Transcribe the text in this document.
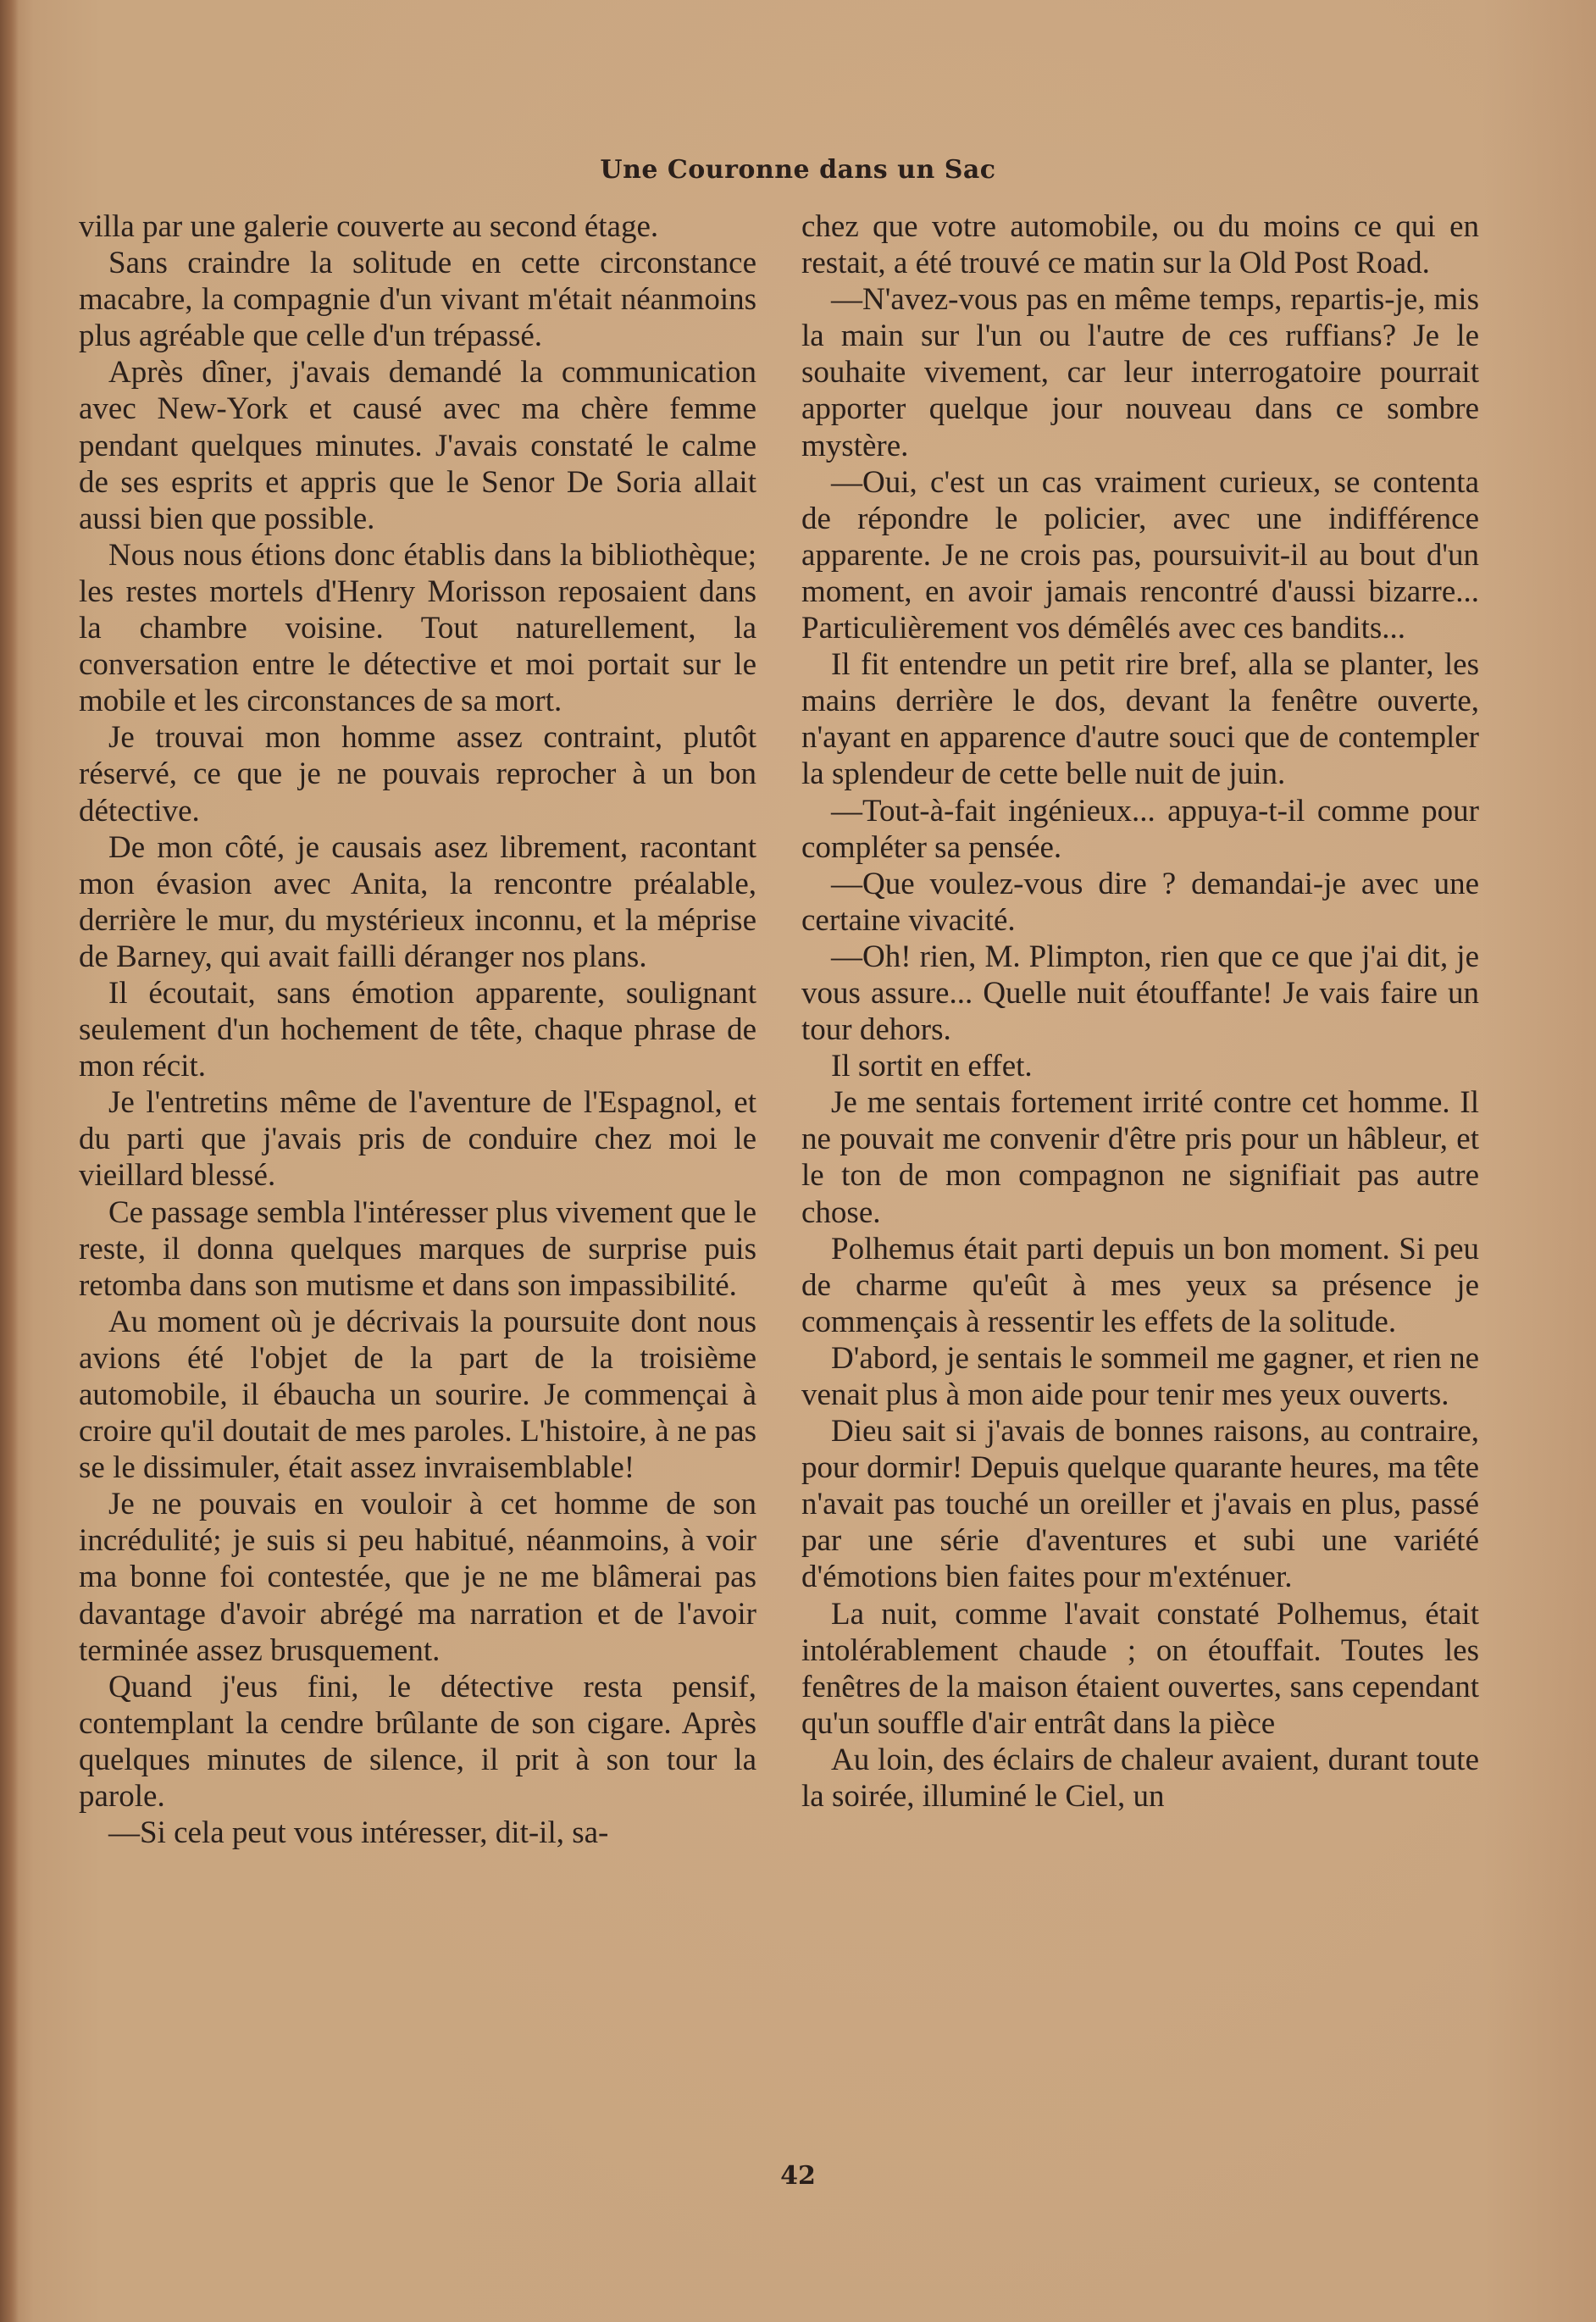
Une Couronne dans un Sac

villa par une galerie couverte au second étage.

Sans craindre la solitude en cette circonstance macabre, la compagnie d'un vivant m'était néanmoins plus agréable que celle d'un trépassé.

Après dîner, j'avais demandé la communication avec New-York et causé avec ma chère femme pendant quelques minutes. J'avais constaté le calme de ses esprits et appris que le Senor De Soria allait aussi bien que possible.

Nous nous étions donc établis dans la bibliothèque; les restes mortels d'Henry Morisson reposaient dans la chambre voisine. Tout naturellement, la conversation entre le détective et moi portait sur le mobile et les circonstances de sa mort.

Je trouvai mon homme assez contraint, plutôt réservé, ce que je ne pouvais reprocher à un bon détective.

De mon côté, je causais asez librement, racontant mon évasion avec Anita, la rencontre préalable, derrière le mur, du mystérieux inconnu, et la méprise de Barney, qui avait failli déranger nos plans.

Il écoutait, sans émotion apparente, soulignant seulement d'un hochement de tête, chaque phrase de mon récit.

Je l'entretins même de l'aventure de l'Espagnol, et du parti que j'avais pris de conduire chez moi le vieillard blessé.

Ce passage sembla l'intéresser plus vivement que le reste, il donna quelques marques de surprise puis retomba dans son mutisme et dans son impassibilité.

Au moment où je décrivais la poursuite dont nous avions été l'objet de la part de la troisième automobile, il ébaucha un sourire. Je commençai à croire qu'il doutait de mes paroles. L'histoire, à ne pas se le dissimuler, était assez invraisemblable!

Je ne pouvais en vouloir à cet homme de son incrédulité; je suis si peu habitué, néanmoins, à voir ma bonne foi contestée, que je ne me blâmerai pas davantage d'avoir abrégé ma narration et de l'avoir terminée assez brusquement.

Quand j'eus fini, le détective resta pensif, contemplant la cendre brûlante de son cigare. Après quelques minutes de silence, il prit à son tour la parole.

—Si cela peut vous intéresser, dit-il, sa-

chez que votre automobile, ou du moins ce qui en restait, a été trouvé ce matin sur la Old Post Road.

—N'avez-vous pas en même temps, repartis-je, mis la main sur l'un ou l'autre de ces ruffians? Je le souhaite vivement, car leur interrogatoire pourrait apporter quelque jour nouveau dans ce sombre mystère.

—Oui, c'est un cas vraiment curieux, se contenta de répondre le policier, avec une indifférence apparente. Je ne crois pas, poursuivit-il au bout d'un moment, en avoir jamais rencontré d'aussi bizarre... Particulièrement vos démêlés avec ces bandits...

Il fit entendre un petit rire bref, alla se planter, les mains derrière le dos, devant la fenêtre ouverte, n'ayant en apparence d'autre souci que de contempler la splendeur de cette belle nuit de juin.

—Tout-à-fait ingénieux... appuya-t-il comme pour compléter sa pensée.

—Que voulez-vous dire ? demandai-je avec une certaine vivacité.

—Oh! rien, M. Plimpton, rien que ce que j'ai dit, je vous assure... Quelle nuit étouffante! Je vais faire un tour dehors.

Il sortit en effet.

Je me sentais fortement irrité contre cet homme. Il ne pouvait me convenir d'être pris pour un hâbleur, et le ton de mon compagnon ne signifiait pas autre chose.

Polhemus était parti depuis un bon moment. Si peu de charme qu'eût à mes yeux sa présence je commençais à ressentir les effets de la solitude.

D'abord, je sentais le sommeil me gagner, et rien ne venait plus à mon aide pour tenir mes yeux ouverts.

Dieu sait si j'avais de bonnes raisons, au contraire, pour dormir! Depuis quelque quarante heures, ma tête n'avait pas touché un oreiller et j'avais en plus, passé par une série d'aventures et subi une variété d'émotions bien faites pour m'exténuer.

La nuit, comme l'avait constaté Polhemus, était intolérablement chaude ; on étouffait. Toutes les fenêtres de la maison étaient ouvertes, sans cependant qu'un souffle d'air entrât dans la pièce

Au loin, des éclairs de chaleur avaient, durant toute la soirée, illuminé le Ciel, un

42
